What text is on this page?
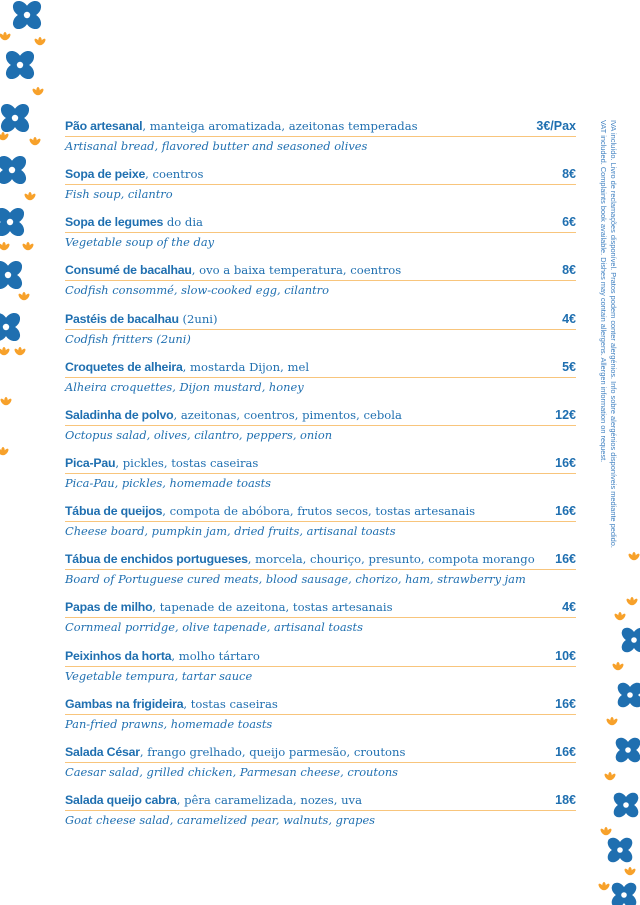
Pão artesanal, manteiga aromatizada, azeitonas temperadas	3€/Pax
Artisanal bread, flavored butter and seasoned olives
Sopa de peixe, coentros	8€
Fish soup, cilantro
Sopa de legumes do dia	6€
Vegetable soup of the day
Consumé de bacalhau, ovo a baixa temperatura, coentros	8€
Codfish consommé, slow-cooked egg, cilantro
Pastéis de bacalhau (2uni)	4€
Codfish fritters (2uni)
Croquetes de alheira, mostarda Dijon, mel	5€
Alheira croquettes, Dijon mustard, honey
Saladinha de polvo, azeitonas, coentros, pimentos, cebola	12€
Octopus salad, olives, cilantro, peppers, onion
Pica-Pau, pickles, tostas caseiras	16€
Pica-Pau, pickles, homemade toasts
Tábua de queijos, compota de abóbora, frutos secos, tostas artesanais	16€
Cheese board, pumpkin jam, dried fruits, artisanal toasts
Tábua de enchidos portugueses, morcela, chouriço, presunto, compota morango 16€
Board of Portuguese cured meats, blood sausage, chorizo, ham, strawberry jam
Papas de milho, tapenade de azeitona, tostas artesanais	4€
Cornmeal porridge, olive tapenade, artisanal toasts
Peixinhos da horta, molho tártaro	10€
Vegetable tempura, tartar sauce
Gambas na frigideira, tostas caseiras	16€
Pan-fried prawns, homemade toasts
Salada César, frango grelhado, queijo parmesão, croutons	16€
Caesar salad, grilled chicken, Parmesan cheese, croutons
Salada queijo cabra, pêra caramelizada, nozes, uva	18€
Goat cheese salad, caramelized pear, walnuts, grapes
IVA incluído. Livro de reclamações disponível. Pratos podem conter alergénios. Info sobre alergénios disponíveis mediante pedido.
VAT included. Complaints book available. Dishes may contain allergens. Allergen information on request.
